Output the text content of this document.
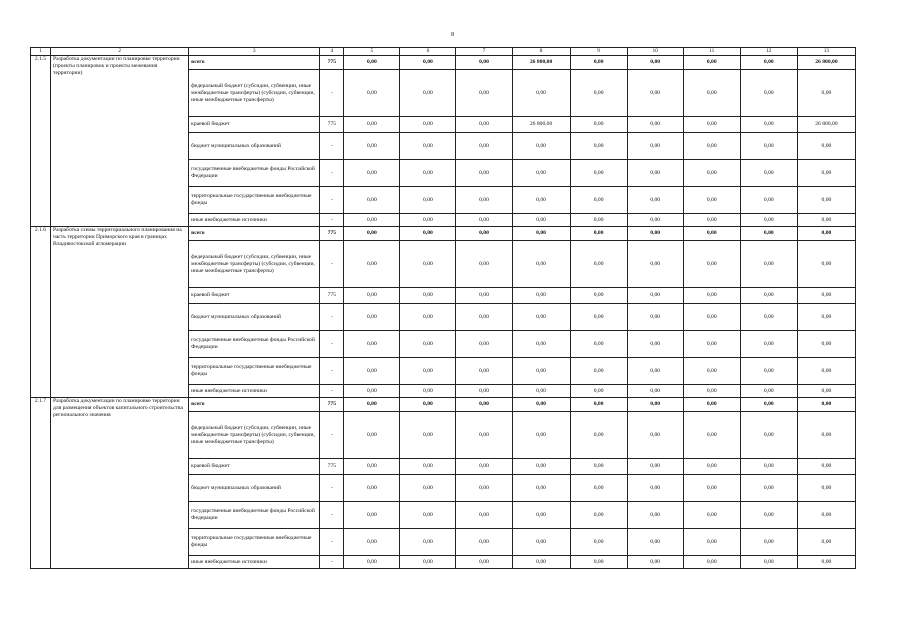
8
1	2	3	4	5	6	7	8	9	10	11	12	13
2.1.5	Разработка документации по планировке территории (проекты планировок и проекты межевания территории)	всего	775	0,00	0,00	0,00	26 800,00	0,00	0,00	0,00	0,00	26 800,00
		федеральный бюджет (субсидии, субвенции, иные межбюджетные трансферты) (субсидии, субвенции, иные межбюджетные трансферты)	-	0,00	0,00	0,00	0,00	0,00	0,00	0,00	0,00	0,00
		краевой бюджет	775	0,00	0,00	0,00	26 800,00	0,00	0,00	0,00	0,00	26 800,00
		бюджет муниципальных образований	-	0,00	0,00	0,00	0,00	0,00	0,00	0,00	0,00	0,00
		государственные внебюджетные фонды Российской Федерации	-	0,00	0,00	0,00	0,00	0,00	0,00	0,00	0,00	0,00
		территориальные государственные внебюджетные фонды	-	0,00	0,00	0,00	0,00	0,00	0,00	0,00	0,00	0,00
		иные внебюджетные источники	-	0,00	0,00	0,00	0,00	0,00	0,00	0,00	0,00	0,00
2.1.6	Разработка схемы территориального планирования на часть территории Приморского края в границах Владивостокской агломерации	всего	775	0,00	0,00	0,00	0,00	0,00	0,00	0,00	0,00	0,00
		федеральный бюджет (субсидии, субвенции, иные межбюджетные трансферты) (субсидии, субвенции, иные межбюджетные трансферты)	-	0,00	0,00	0,00	0,00	0,00	0,00	0,00	0,00	0,00
		краевой бюджет	775	0,00	0,00	0,00	0,00	0,00	0,00	0,00	0,00	0,00
		бюджет муниципальных образований	-	0,00	0,00	0,00	0,00	0,00	0,00	0,00	0,00	0,00
		государственные внебюджетные фонды Российской Федерации	-	0,00	0,00	0,00	0,00	0,00	0,00	0,00	0,00	0,00
		территориальные государственные внебюджетные фонды	-	0,00	0,00	0,00	0,00	0,00	0,00	0,00	0,00	0,00
		иные внебюджетные источники	-	0,00	0,00	0,00	0,00	0,00	0,00	0,00	0,00	0,00
2.1.7	Разработка документации по планировке территории для размещения объектов капитального строительства регионального значения	всего	775	0,00	0,00	0,00	0,00	0,00	0,00	0,00	0,00	0,00
		федеральный бюджет (субсидии, субвенции, иные межбюджетные трансферты) (субсидии, субвенции, иные межбюджетные трансферты)	-	0,00	0,00	0,00	0,00	0,00	0,00	0,00	0,00	0,00
		краевой бюджет	775	0,00	0,00	0,00	0,00	0,00	0,00	0,00	0,00	0,00
		бюджет муниципальных образований	-	0,00	0,00	0,00	0,00	0,00	0,00	0,00	0,00	0,00
		государственные внебюджетные фонды Российской Федерации	-	0,00	0,00	0,00	0,00	0,00	0,00	0,00	0,00	0,00
		территориальные государственные внебюджетные фонды	-	0,00	0,00	0,00	0,00	0,00	0,00	0,00	0,00	0,00
		иные внебюджетные источники	-	0,00	0,00	0,00	0,00	0,00	0,00	0,00	0,00	0,00
